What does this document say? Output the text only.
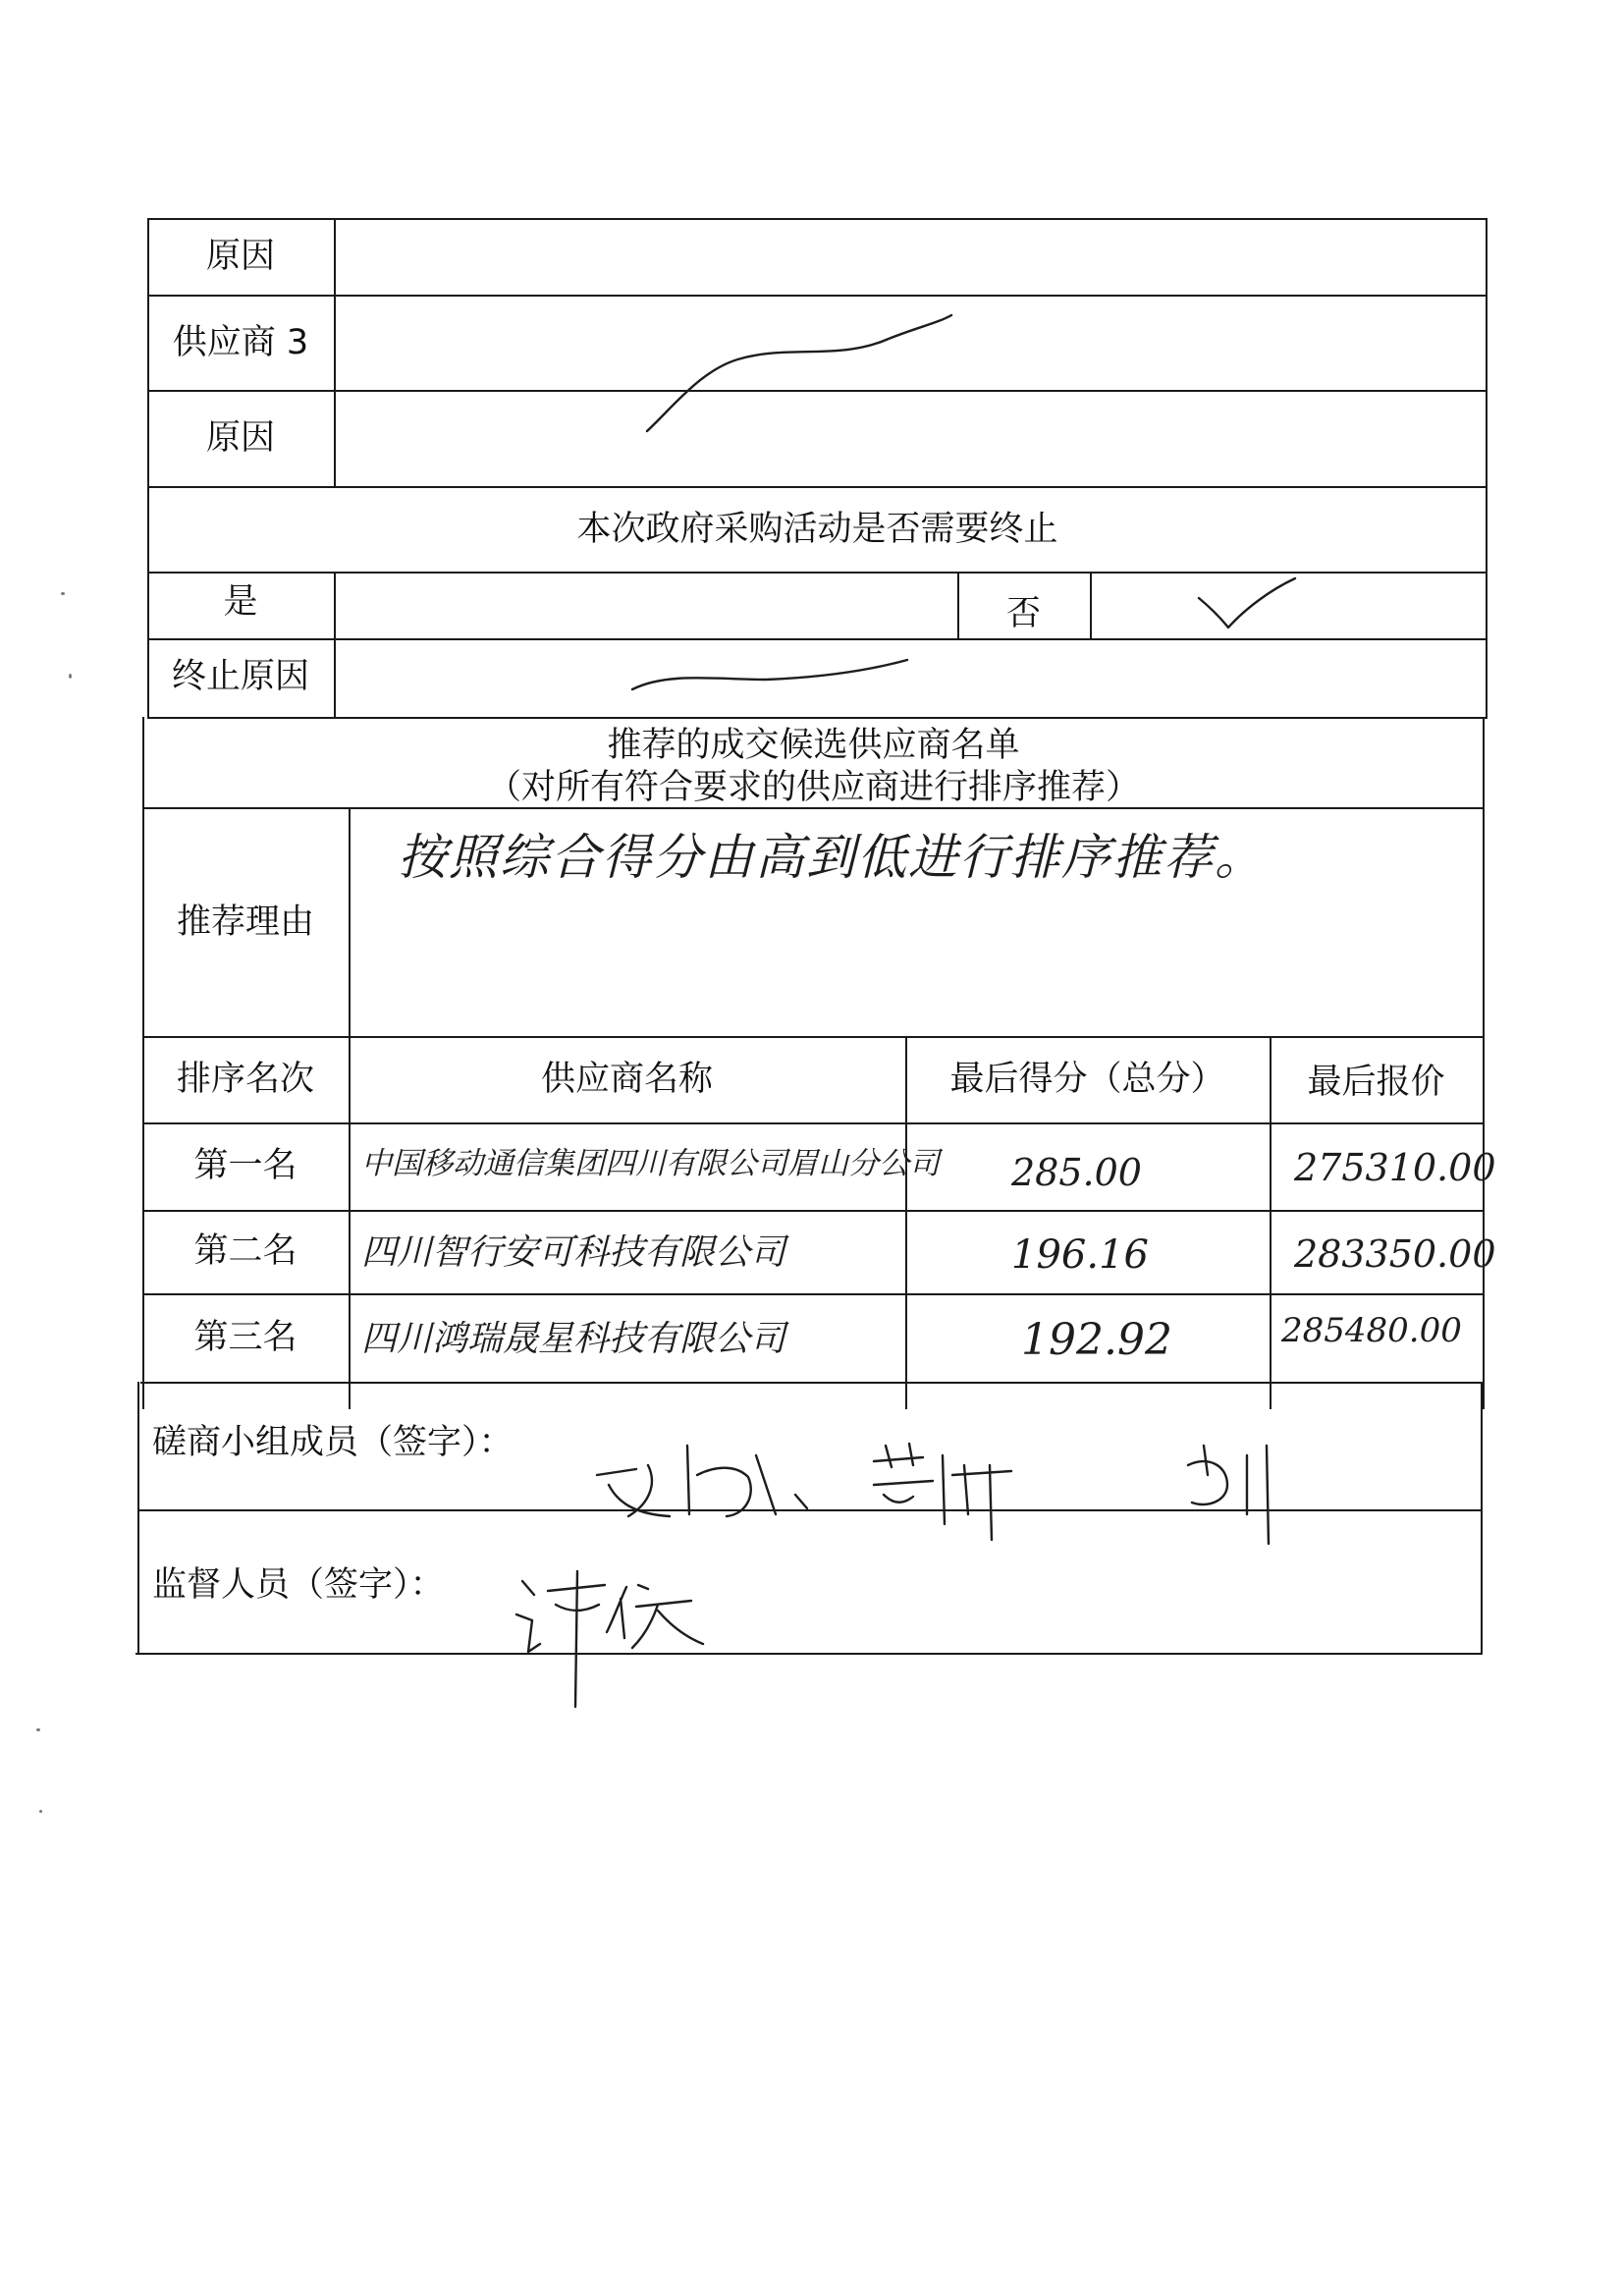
原因
供应商 3
原因
本次政府采购活动是否需要终止
是	否
终止原因
推荐的成交候选供应商名单
（对所有符合要求的供应商进行排序推荐）
推荐理由
按照综合得分由高到低进行排序推荐。
排序名次	供应商名称	最后得分（总分）	最后报价
第一名	中国移动通信集团四川有限公司眉山分公司 285.00	275310.00
第二名	四川智行安可科技有限公司	196.16	283350.00
第三名	四川鸿瑞晟星科技有限公司	192.92	285480.00
磋商小组成员（签字）：
监督人员（签字）：
